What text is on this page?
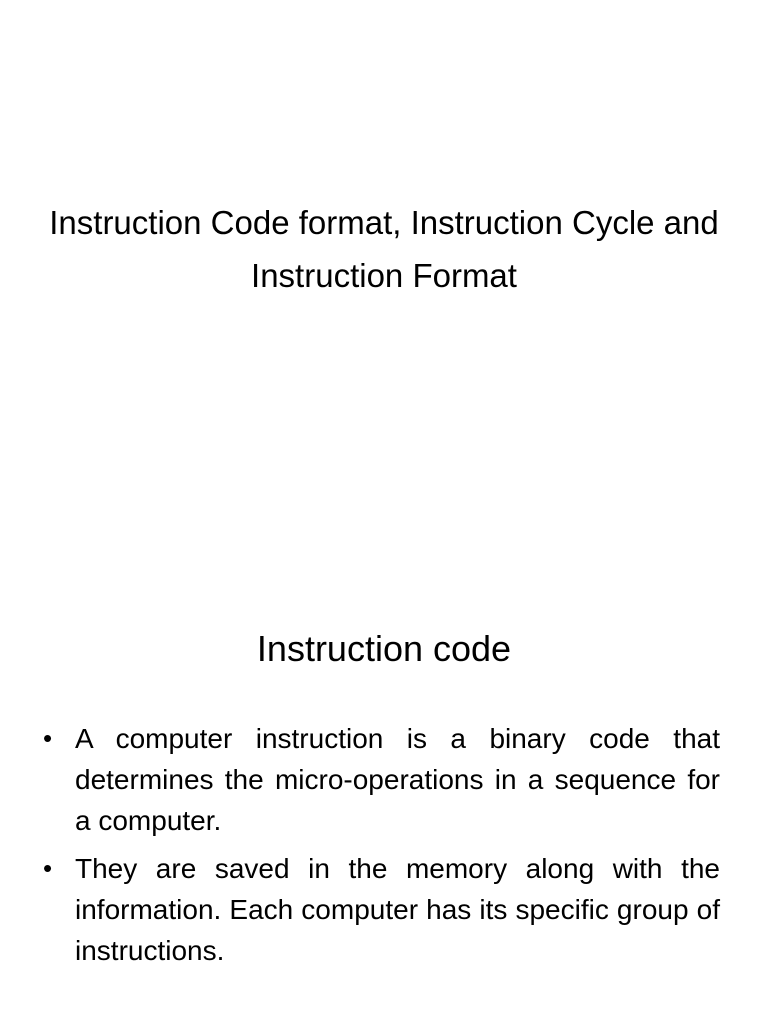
Instruction Code format, Instruction Cycle and Instruction Format
Instruction code
• A computer instruction is a binary code that determines the micro-operations in a sequence for a computer.
• They are saved in the memory along with the information. Each computer has its specific group of instructions.
